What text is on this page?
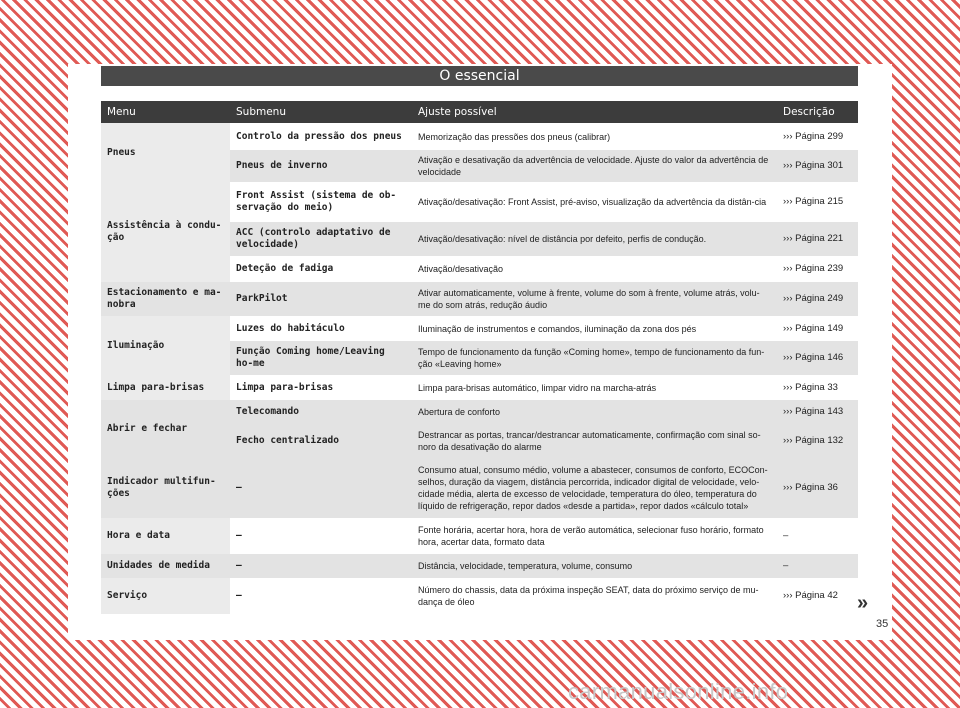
O essencial
Menu	Submenu	Ajuste possível	Descrição
Pneus	Controlo da pressão dos pneus	Memorização das pressões dos pneus (calibrar)	››› Página 299
	Pneus de inverno	Ativação e desativação da advertência de velocidade. Ajuste do valor da advertência de velocidade	››› Página 301
Assistência à condu-ção	Front Assist (sistema de ob-servação do meio)	Ativação/desativação: Front Assist, pré-aviso, visualização da advertência da distân-cia	››› Página 215
	ACC (controlo adaptativo de velocidade)	Ativação/desativação: nível de distância por defeito, perfis de condução.	››› Página 221
	Deteção de fadiga	Ativação/desativação	››› Página 239
Estacionamento e ma-nobra	ParkPilot	Ativar automaticamente, volume à frente, volume do som à frente, volume atrás, volu-me do som atrás, redução áudio	››› Página 249
Iluminação	Luzes do habitáculo	Iluminação de instrumentos e comandos, iluminação da zona dos pés	››› Página 149
	Função Coming home/Leaving ho-me	Tempo de funcionamento da função «Coming home», tempo de funcionamento da fun-ção «Leaving home»	››› Página 146
Limpa para-brisas	Limpa para-brisas	Limpa para-brisas automático, limpar vidro na marcha-atrás	››› Página 33
Abrir e fechar	Telecomando	Abertura de conforto	››› Página 143
	Fecho centralizado	Destrancar as portas, trancar/destrancar automaticamente, confirmação com sinal so-noro da desativação do alarme	››› Página 132
Indicador multifun-ções	–	Consumo atual, consumo médio, volume a abastecer, consumos de conforto, ECOCon-selhos, duração da viagem, distância percorrida, indicador digital de velocidade, velo-cidade média, alerta de excesso de velocidade, temperatura do óleo, temperatura do líquido de refrigeração, repor dados «desde a partida», repor dados «cálculo total»	››› Página 36
Hora e data	–	Fonte horária, acertar hora, hora de verão automática, selecionar fuso horário, formato hora, acertar data, formato data	–
Unidades de medida	–	Distância, velocidade, temperatura, volume, consumo	–
Serviço	–	Número do chassis, data da próxima inspeção SEAT, data do próximo serviço de mu-dança de óleo	››› Página 42 »
35
carmanualsonline.info
